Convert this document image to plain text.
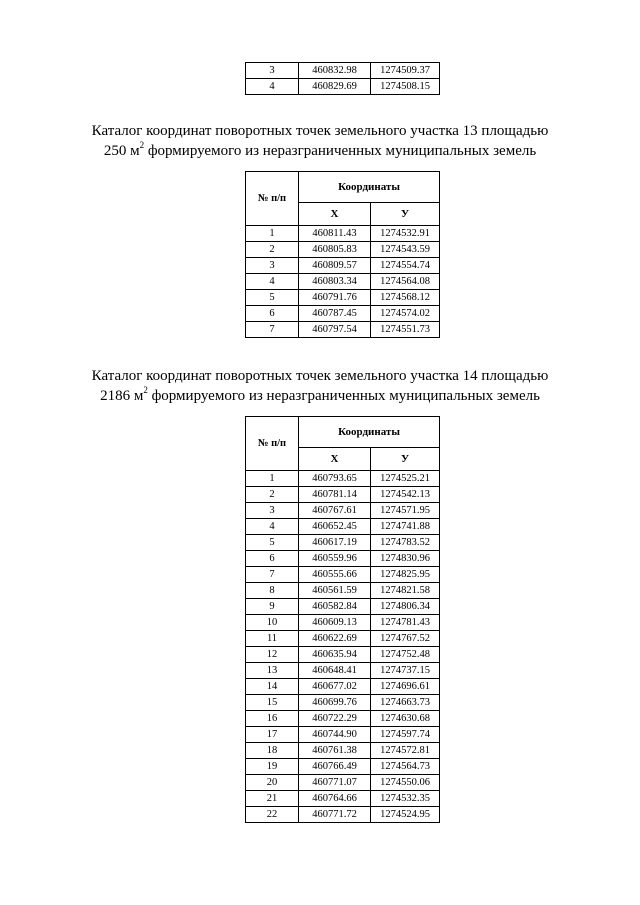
3	460832.98	1274509.37
4	460829.69	1274508.15
Каталог координат поворотных точек земельного участка 13 площадью
250 $м^2$ формируемого из неразграниченных муниципальных земель
№ п/п	Координаты	
	Х	У
1	460811.43	1274532.91
2	460805.83	1274543.59
3	460809.57	1274554.74
4	460803.34	1274564.08
5	460791.76	1274568.12
6	460787.45	1274574.02
7	460797.54	1274551.73
Каталог координат поворотных точек земельного участка 14 площадью
2186 $м^2$ формируемого из неразграниченных муниципальных земель
№ п/п	Координаты	
	Х	У
1	460793.65	1274525.21
2	460781.14	1274542.13
3	460767.61	1274571.95
4	460652.45	1274741.88
5	460617.19	1274783.52
6	460559.96	1274830.96
7	460555.66	1274825.95
8	460561.59	1274821.58
9	460582.84	1274806.34
10	460609.13	1274781.43
11	460622.69	1274767.52
12	460635.94	1274752.48
13	460648.41	1274737.15
14	460677.02	1274696.61
15	460699.76	1274663.73
16	460722.29	1274630.68
17	460744.90	1274597.74
18	460761.38	1274572.81
19	460766.49	1274564.73
20	460771.07	1274550.06
21	460764.66	1274532.35
22	460771.72	1274524.95
